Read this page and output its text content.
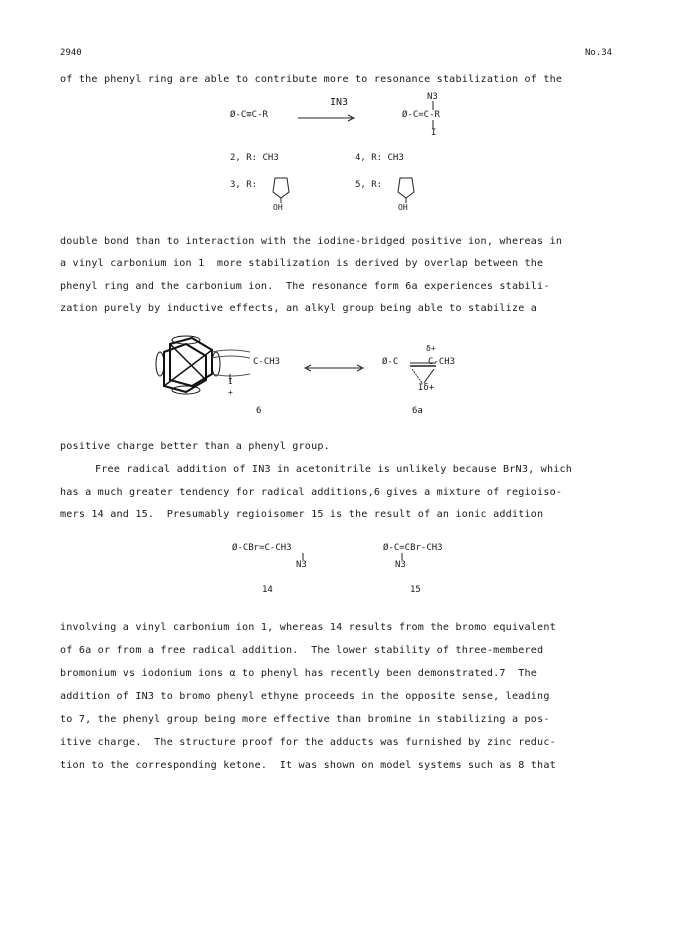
2940	No.34
of the phenyl ring are able to contribute more to resonance stabilization of the
Ø-C≡C-R
IN3	N3
Ø-C=C-R
I
2, R: CH3	4, R: CH3
3, R:
OH
5, R:
OH
double bond than to interaction with the iodine-bridged positive ion, whereas in
a vinyl carbonium ion 1  more stabilization is derived by overlap between the
phenyl ring and the carbonium ion.  The resonance form 6a experiences stabili-
zation purely by inductive effects, an alkyl group being able to stabilize a
C-CH3
I
+
Ø-C
δ+
C-CH3
Iδ+
6	6a
positive charge better than a phenyl group.
Free radical addition of IN3 in acetonitrile is unlikely because BrN3, which
has a much greater tendency for radical additions,6 gives a mixture of regioiso-
mers 14 and 15.  Presumably regioisomer 15 is the result of an ionic addition
Ø-CBr=C-CH3
N3
Ø-C=CBr-CH3
N3
14	15
involving a vinyl carbonium ion 1, whereas 14 results from the bromo equivalent
of 6a or from a free radical addition.  The lower stability of three-membered
bromonium vs iodonium ions α to phenyl has recently been demonstrated.7  The
addition of IN3 to bromo phenyl ethyne proceeds in the opposite sense, leading
to 7, the phenyl group being more effective than bromine in stabilizing a pos-
itive charge.  The structure proof for the adducts was furnished by zinc reduc-
tion to the corresponding ketone.  It was shown on model systems such as 8 that
